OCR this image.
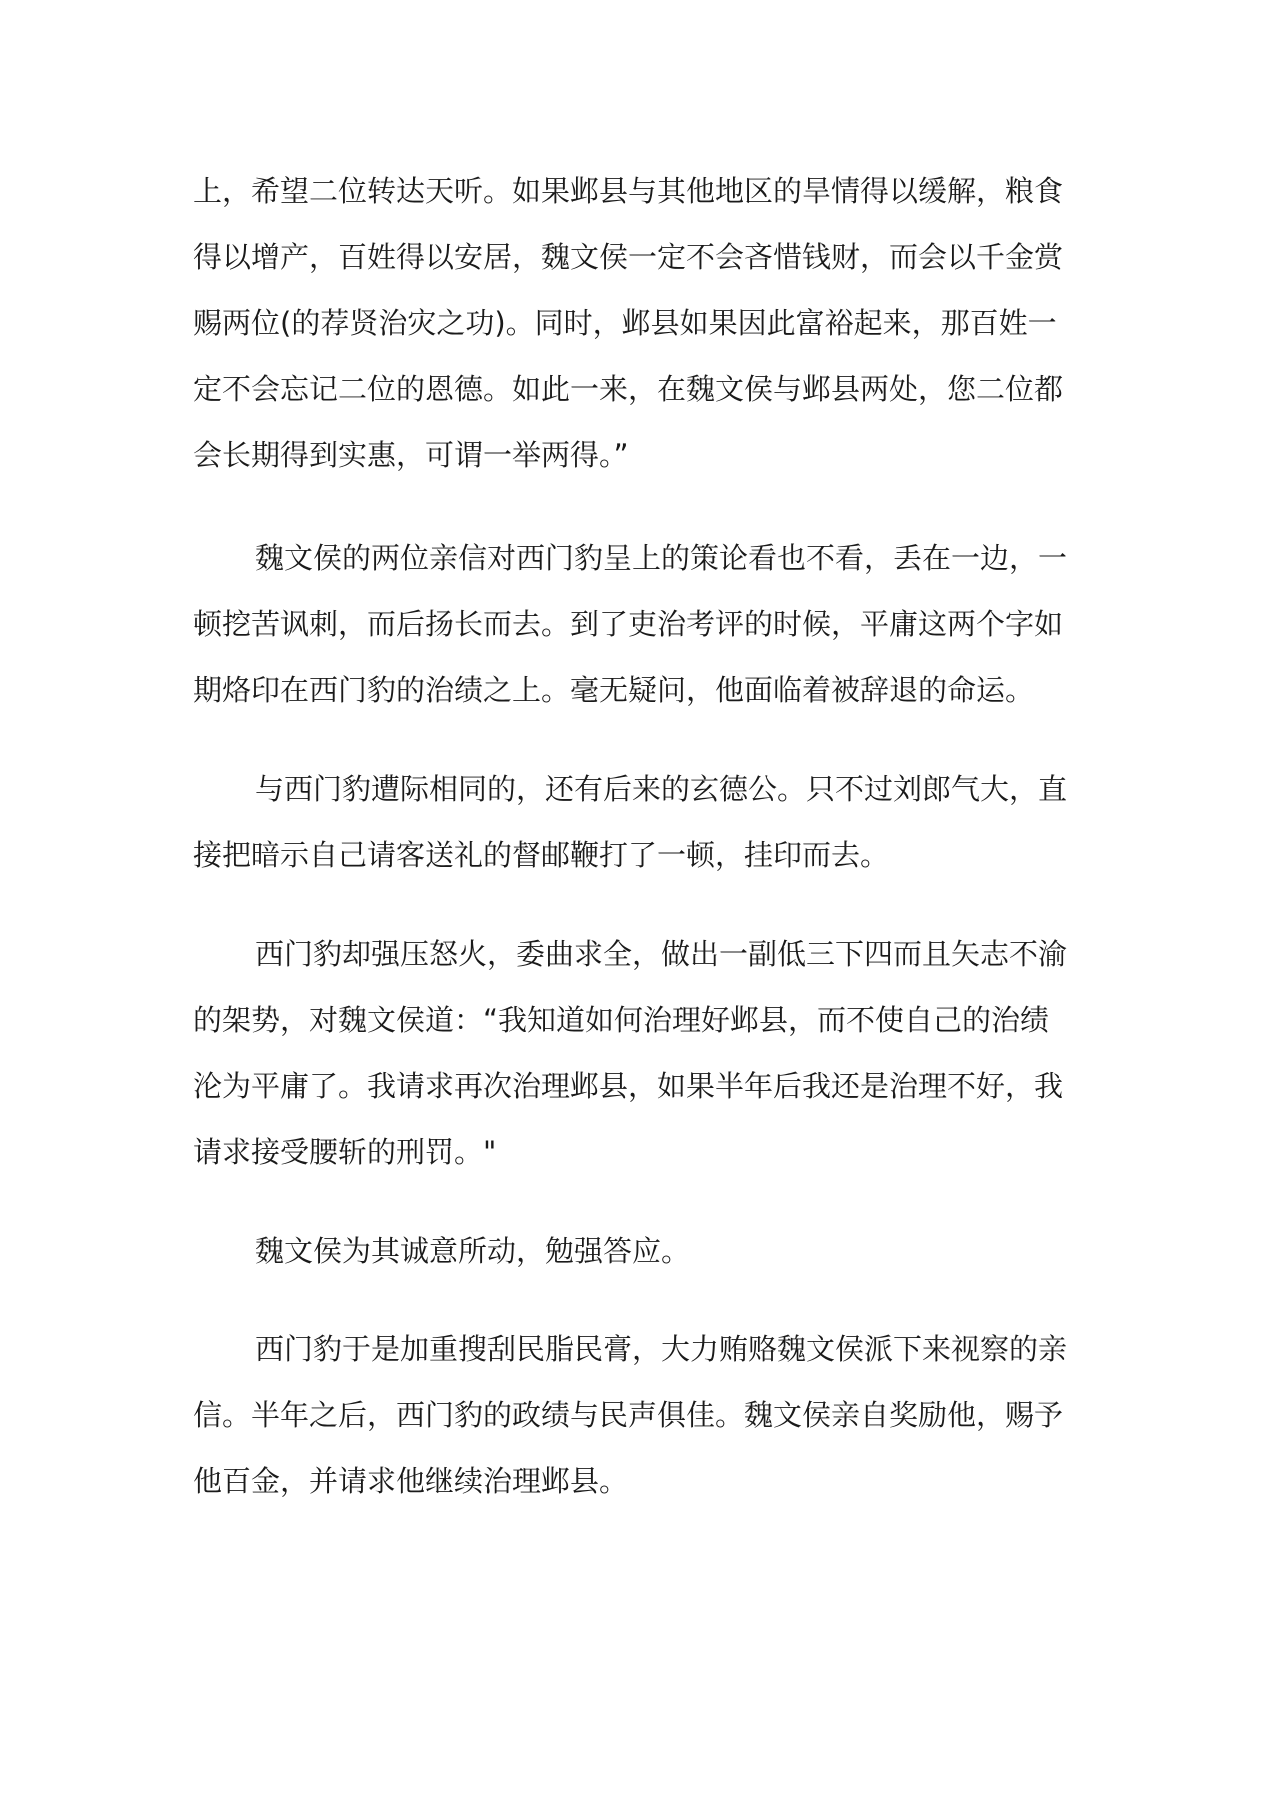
上，希望二位转达天听。如果邺县与其他地区的旱情得以缓解，粮食
得以增产，百姓得以安居，魏文侯一定不会吝惜钱财，而会以千金赏
赐两位(的荐贤治灾之功)。同时，邺县如果因此富裕起来，那百姓一
定不会忘记二位的恩德。如此一来，在魏文侯与邺县两处，您二位都
会长期得到实惠，可谓一举两得。”
魏文侯的两位亲信对西门豹呈上的策论看也不看，丢在一边，一
顿挖苦讽刺，而后扬长而去。到了吏治考评的时候，平庸这两个字如
期烙印在西门豹的治绩之上。毫无疑问，他面临着被辞退的命运。
与西门豹遭际相同的，还有后来的玄德公。只不过刘郎气大，直
接把暗示自己请客送礼的督邮鞭打了一顿，挂印而去。
西门豹却强压怒火，委曲求全，做出一副低三下四而且矢志不渝
的架势，对魏文侯道：“我知道如何治理好邺县，而不使自己的治绩
沦为平庸了。我请求再次治理邺县，如果半年后我还是治理不好，我
请求接受腰斩的刑罚。"
魏文侯为其诚意所动，勉强答应。
西门豹于是加重搜刮民脂民膏，大力贿赂魏文侯派下来视察的亲
信。半年之后，西门豹的政绩与民声俱佳。魏文侯亲自奖励他，赐予
他百金，并请求他继续治理邺县。
